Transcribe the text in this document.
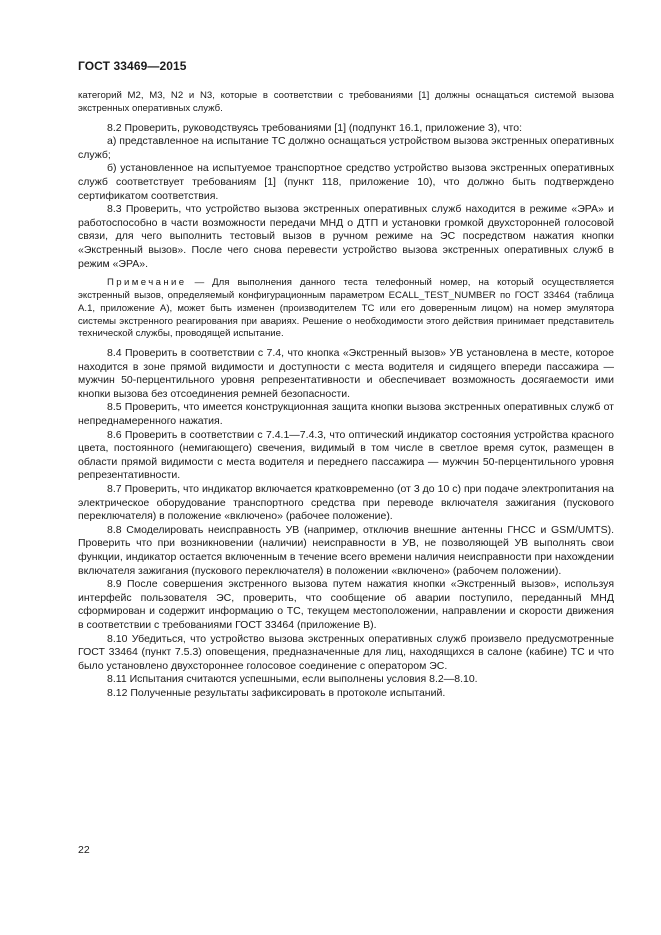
ГОСТ 33469—2015

категорий М2, М3, N2 и N3, которые в соответствии с требованиями [1] должны оснащаться системой вызова экстренных оперативных служб.

8.2 Проверить, руководствуясь требованиями [1] (подпункт 16.1, приложение 3), что:

а) представленное на испытание ТС должно оснащаться устройством вызова экстренных оперативных служб;

б) установленное на испытуемое транспортное средство устройство вызова экстренных оперативных служб соответствует требованиям [1] (пункт 118, приложение 10), что должно быть подтверждено сертификатом соответствия.

8.3 Проверить, что устройство вызова экстренных оперативных служб находится в режиме «ЭРА» и работоспособно в части возможности передачи МНД о ДТП и установки громкой двухсторонней голосовой связи, для чего выполнить тестовый вызов в ручном режиме на ЭС посредством нажатия кнопки «Экстренный вызов». После чего снова перевести устройство вызова экстренных оперативных служб в режим «ЭРА».

Примечание — Для выполнения данного теста телефонный номер, на который осуществляется экстренный вызов, определяемый конфигурационным параметром ECALL_TEST_NUMBER по ГОСТ 33464 (таблица А.1, приложение А), может быть изменен (производителем ТС или его доверенным лицом) на номер эмулятора системы экстренного реагирования при авариях. Решение о необходимости этого действия принимает представитель технической службы, проводящей испытание.

8.4 Проверить в соответствии с 7.4, что кнопка «Экстренный вызов» УВ установлена в месте, которое находится в зоне прямой видимости и доступности с места водителя и сидящего впереди пассажира — мужчин 50-перцентильного уровня репрезентативности и обеспечивает возможность досягаемости ими кнопки вызова без отсоединения ремней безопасности.

8.5 Проверить, что имеется конструкционная защита кнопки вызова экстренных оперативных служб от непреднамеренного нажатия.

8.6 Проверить в соответствии с 7.4.1—7.4.3, что оптический индикатор состояния устройства красного цвета, постоянного (немигающего) свечения, видимый в том числе в светлое время суток, размещен в области прямой видимости с места водителя и переднего пассажира — мужчин 50-перцентильного уровня репрезентативности.

8.7 Проверить, что индикатор включается кратковременно (от 3 до 10 с) при подаче электропитания на электрическое оборудование транспортного средства при переводе включателя зажигания (пускового переключателя) в положение «включено» (рабочее положение).

8.8 Смоделировать неисправность УВ (например, отключив внешние антенны ГНСС и GSM/UMTS). Проверить что при возникновении (наличии) неисправности в УВ, не позволяющей УВ выполнять свои функции, индикатор остается включенным в течение всего времени наличия неисправности при нахождении включателя зажигания (пускового переключателя) в положении «включено» (рабочем положении).

8.9 После совершения экстренного вызова путем нажатия кнопки «Экстренный вызов», используя интерфейс пользователя ЭС, проверить, что сообщение об аварии поступило, переданный МНД сформирован и содержит информацию о ТС, текущем местоположении, направлении и скорости движения в соответствии с требованиями ГОСТ 33464 (приложение В).

8.10 Убедиться, что устройство вызова экстренных оперативных служб произвело предусмотренные ГОСТ 33464 (пункт 7.5.3) оповещения, предназначенные для лиц, находящихся в салоне (кабине) ТС и что было установлено двухстороннее голосовое соединение с оператором ЭС.

8.11 Испытания считаются успешными, если выполнены условия 8.2—8.10.

8.12 Полученные результаты зафиксировать в протоколе испытаний.

22
